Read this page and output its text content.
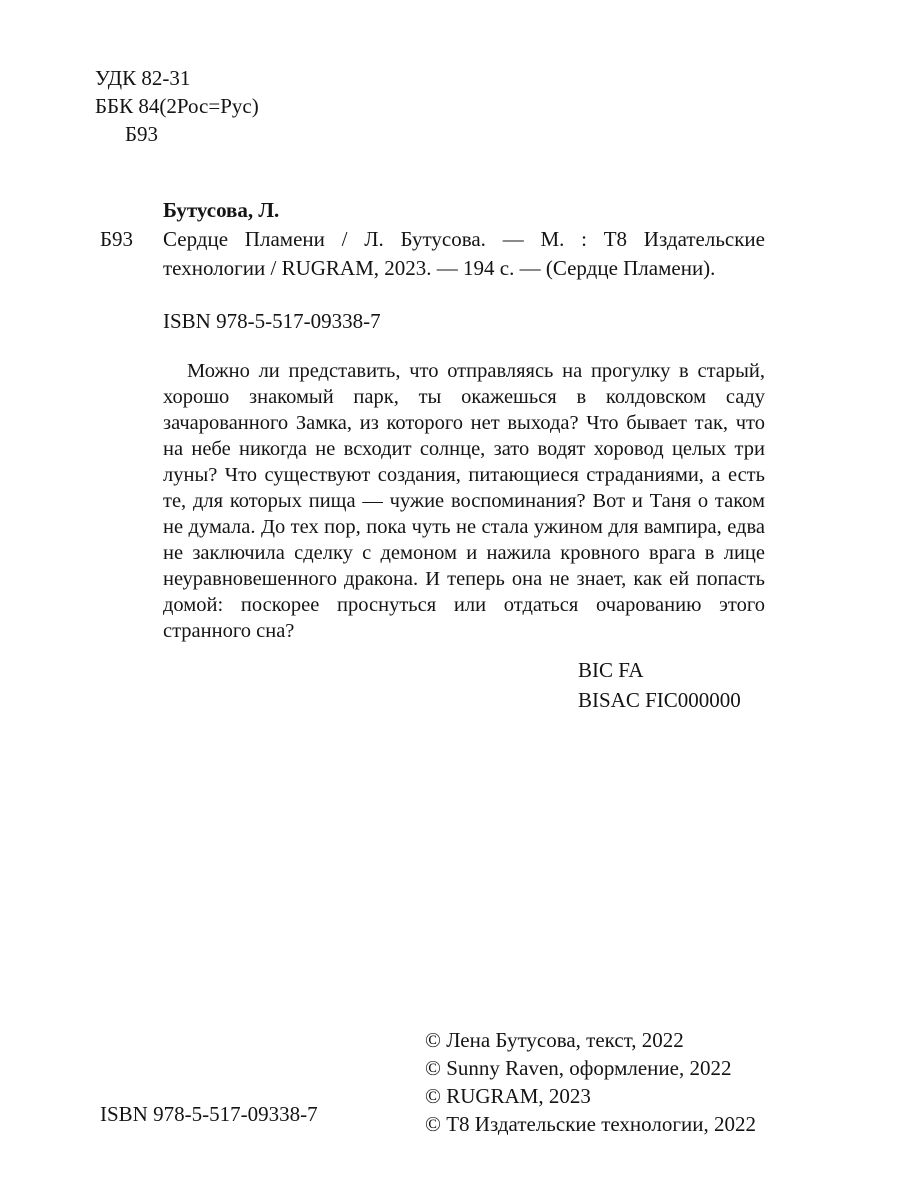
УДК 82-31
ББК 84(2Рос=Рус)
Б93
Бутусова, Л.
Б93	Сердце Пламени / Л. Бутусова. — М. : Т8 Издательские технологии / RUGRAM, 2023. — 194 с. — (Сердце Пламени).
ISBN 978-5-517-09338-7
Можно ли представить, что отправляясь на прогулку в старый, хорошо знакомый парк, ты окажешься в колдовском саду зачарованного Замка, из которого нет выхода? Что бывает так, что на небе никогда не всходит солнце, зато водят хоровод целых три луны? Что существуют создания, питающиеся страданиями, а есть те, для которых пища — чужие воспоминания? Вот и Таня о таком не думала. До тех пор, пока чуть не стала ужином для вампира, едва не заключила сделку с демоном и нажила кровного врага в лице неуравновешенного дракона. И теперь она не знает, как ей попасть домой: поскорее проснуться или отдаться очарованию этого странного сна?
BIC FA
BISAC FIC000000
© Лена Бутусова, текст, 2022
© Sunny Raven, оформление, 2022
© RUGRAM, 2023
© Т8 Издательские технологии, 2022
ISBN 978-5-517-09338-7
